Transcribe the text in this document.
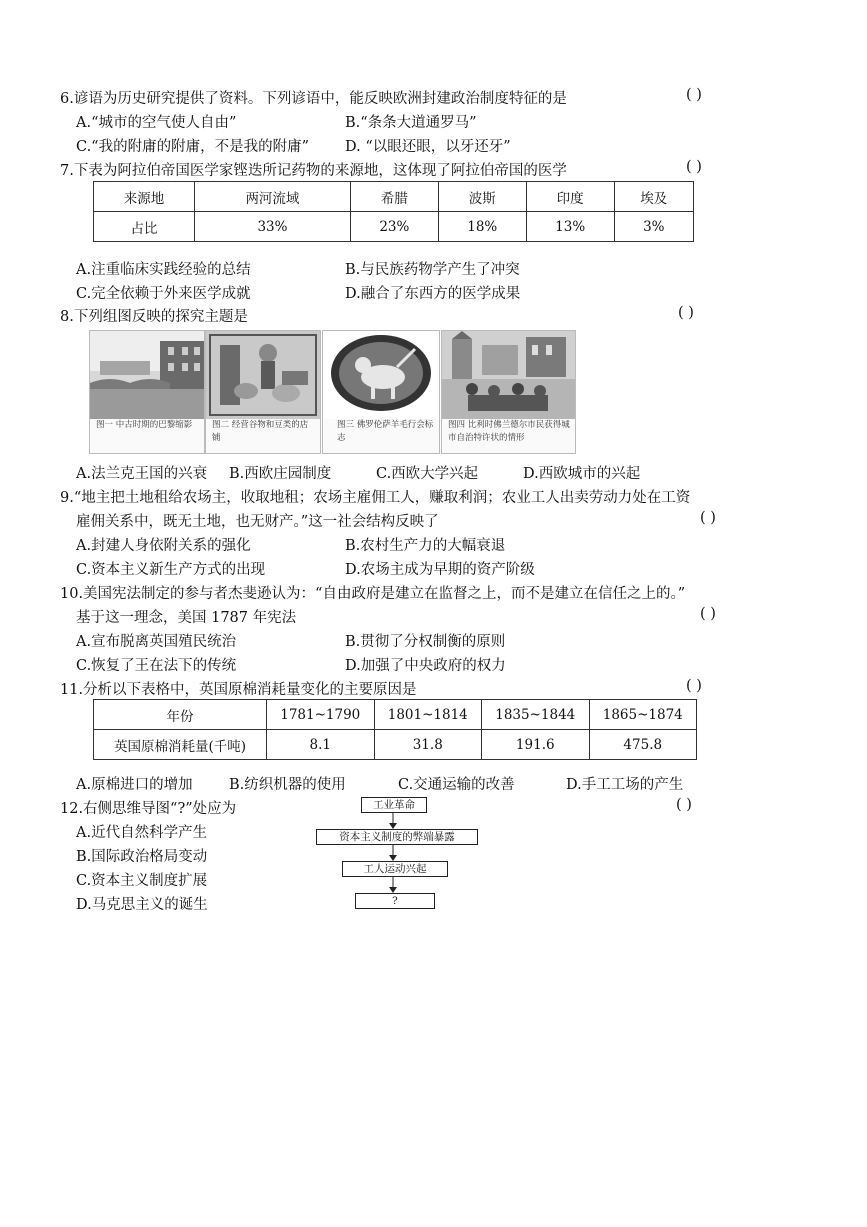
6.谚语为历史研究提供了资料。下列谚语中，能反映欧洲封建政治制度特征的是	( )
A.“城市的空气使人自由”	B.“条条大道通罗马”
C.“我的附庸的附庸，不是我的附庸” D. “以眼还眼，以牙还牙”
7.下表为阿拉伯帝国医学家铿迭所记药物的来源地，这体现了阿拉伯帝国的医学	( )
来源地	两河流域	希腊	波斯	印度	埃及
占比	33%	23%	18%	13%	3%
A.注重临床实践经验的总结	B.与民族药物学产生了冲突
C.完全依赖于外来医学成就	D.融合了东西方的医学成果
8.下列组图反映的探究主题是	( )
图一 中古时期的巴黎缩影	图二 经营谷物和豆类的店铺
图三 佛罗伦萨羊毛行会标志
图四 比利时佛兰德尔市民获得城市自治特许状的情形
A.法兰克王国的兴衰 B.西欧庄园制度	C.西欧大学兴起	D.西欧城市的兴起
9.“地主把土地租给农场主，收取地租；农场主雇佣工人，赚取利润；农业工人出卖劳动力处在工资
雇佣关系中，既无土地，也无财产。”这一社会结构反映了	( )
A.封建人身依附关系的强化	B.农村生产力的大幅衰退
C.资本主义新生产方式的出现	D.农场主成为早期的资产阶级
10.美国宪法制定的参与者杰斐逊认为：“自由政府是建立在监督之上，而不是建立在信任之上的。”
基于这一理念，美国 1787 年宪法	( )
A.宣布脱离英国殖民统治	B.贯彻了分权制衡的原则
C.恢复了王在法下的传统	D.加强了中央政府的权力
11.分析以下表格中，英国原棉消耗量变化的主要原因是	( )
年份	1781~1790	1801~1814	1835~1844	1865~1874
英国原棉消耗量(千吨)	8.1	31.8	191.6	475.8
A.原棉进口的增加	B.纺织机器的使用	C.交通运输的改善	D.手工工场的产生
12.右侧思维导图“?”处应为	( )
A.近代自然科学产生
B.国际政治格局变动
C.资本主义制度扩展
D.马克思主义的诞生
工业革命
资本主义制度的弊端暴露
工人运动兴起
?
